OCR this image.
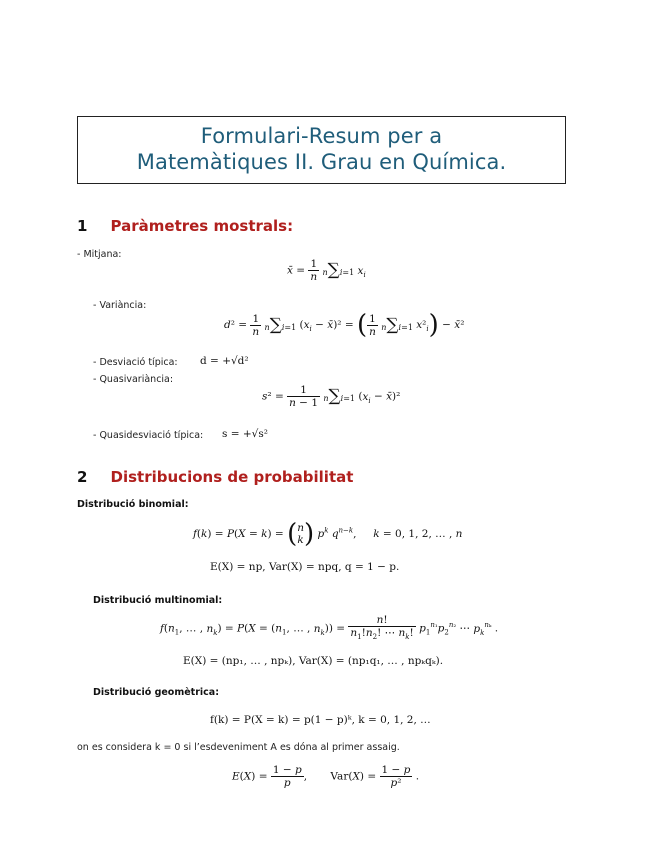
Formulari-Resum per a
Matemàtiques II. Grau en Química.
1 Paràmetres mostrals:
- Mitjana:
x̄ = $\frac{1}{n} n\sum i=1$ $x_i$
- Variància:
$d^2 = \frac{1}{n} n\sum i=1$ ($x_i$ − x̄)² = ( $\frac{1}{n} n\sum i=1$ $x^2_i$) − x̄²
- Desviació típica: d = +√d²
- Quasivariància:
$s^2 = \frac{1}{n - 1} n\sum i=1$ ($x_i$ − x̄)²
- Quasidesviació típica: s = +√s²
2 Distribucions de probabilitat
Distribució binomial:
f(k) = P(X = k) = ( n
k ) $p^k$ $q^{n-k}$,     k = 0, 1, 2, … , n
E(X) = np, Var(X) = npq, q = 1 − p.
Distribució multinomial:
$f(n_1$, … , $n_k) = P(X = (n_1$, … , $n_k)) = \frac{n!}{n_1!n_2! \cdots n_k!} p_1^{n_1}p_2^{n_2}$ ⋯ $p_k^{n_k}$ .
E(X) = (np₁, … , npₖ), Var(X) = (np₁q₁, … , npₖqₖ).
Distribució geomètrica:
f(k) = P(X = k) = p(1 − p)ᵏ, k = 0, 1, 2, …
on es considera k = 0 si l’esdeveniment A es dóna al primer assaig.
$E(X) = \frac{1 - p}{p}$ ,       $Var(X) = \frac{1 - p}{\text{p²}}$ .
